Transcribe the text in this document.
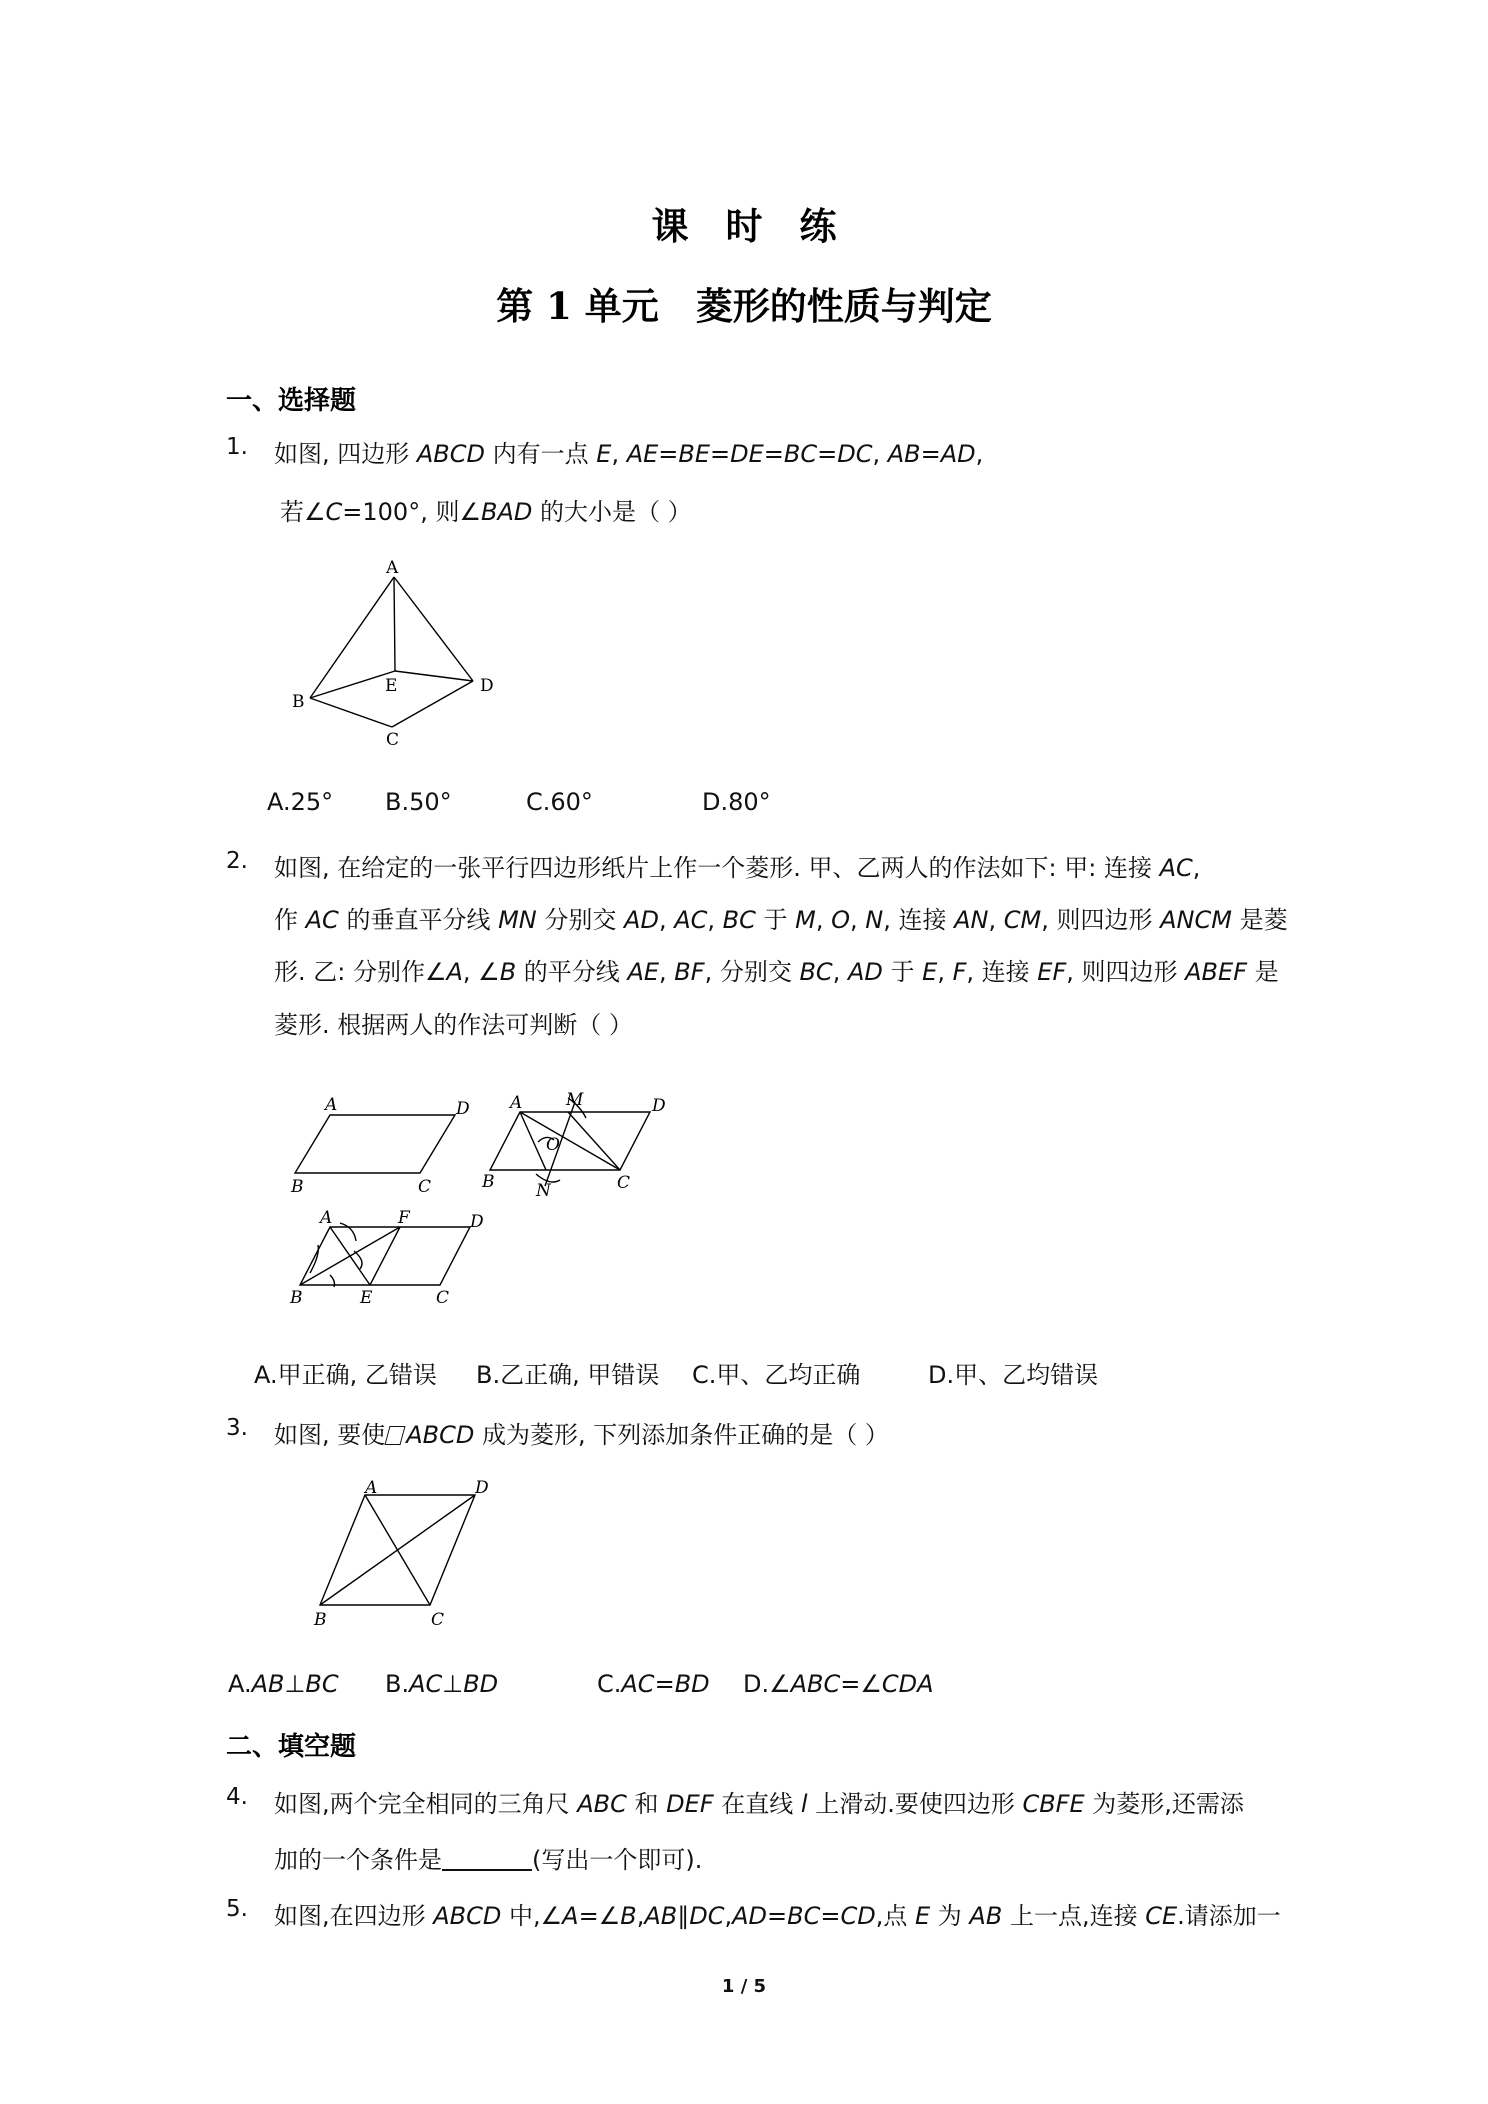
课　时　练
第 1 单元　菱形的性质与判定
一、选择题
1. 如图, 四边形 ABCD 内有一点 E, AE=BE=DE=BC=DC, AB=AD,
若∠C=100°, 则∠BAD 的大小是（ ）
A
B
E	D
C
A.25° B.50°	C.60°	D.80°
2. 如图, 在给定的一张平行四边形纸片上作一个菱形. 甲、乙两人的作法如下: 甲: 连接 AC,
作 AC 的垂直平分线 MN 分别交 AD, AC, BC 于 M, O, N, 连接 AN, CM, 则四边形 ANCM 是菱
形. 乙: 分别作∠A, ∠B 的平分线 AE, BF, 分别交 BC, AD 于 E, F, 连接 EF, 则四边形 ABEF 是
菱形. 根据两人的作法可判断（ ）
A	D
B	C
A	M	D
O
B N	C
A	F	D
B	E	C
A.甲正确, 乙错误 B.乙正确, 甲错误 C.甲、乙均正确	D.甲、乙均错误
3. 如图, 要使 ABCD 成为菱形, 下列添加条件正确的是（ ）
A	D
B	C
A.AB⊥BC B.AC⊥BD	C.AC=BD D.∠ABC=∠CDA
二、填空题
4. 如图,两个完全相同的三角尺 ABC 和 DEF 在直线 l 上滑动.要使四边形 CBFE 为菱形,还需添
加的一个条件是	(写出一个即可).
5. 如图,在四边形 ABCD 中,∠A=∠B,AB∥DC,AD=BC=CD,点 E 为 AB 上一点,连接 CE.请添加一
1 / 5
